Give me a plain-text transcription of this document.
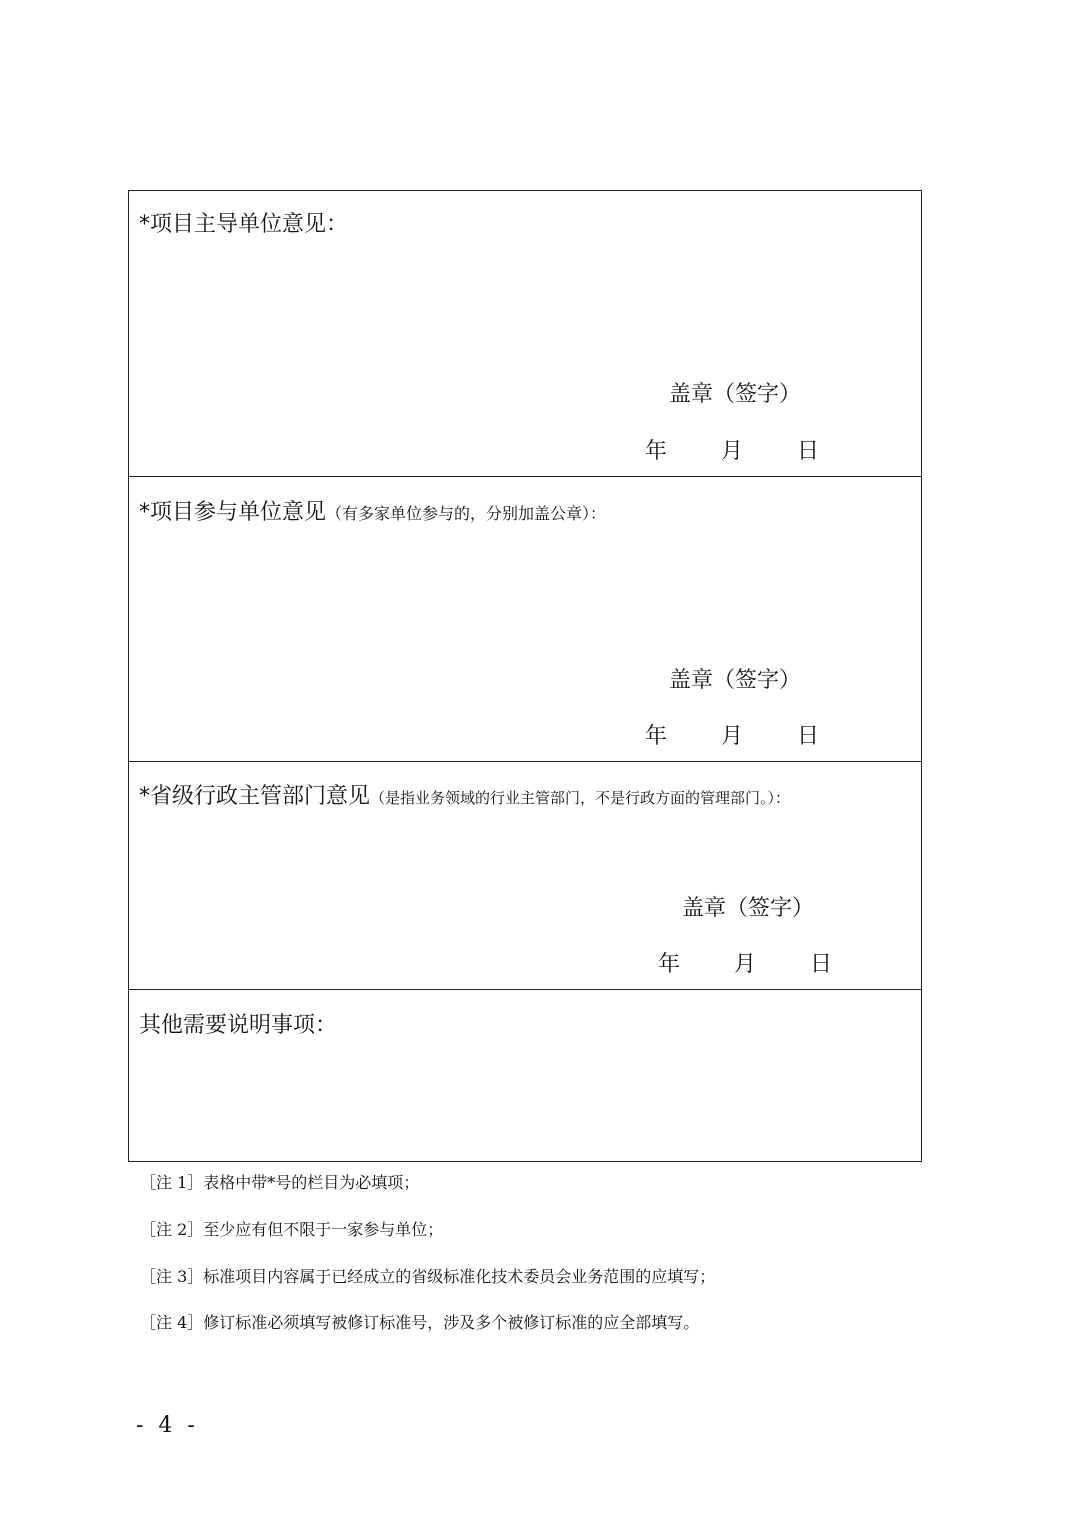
*项目主导单位意见：
盖章（签字）
年 月 日
*项目参与单位意见（有多家单位参与的，分别加盖公章）：
盖章（签字）
年 月 日
*省级行政主管部门意见（是指业务领域的行业主管部门，不是行政方面的管理部门。）：
盖章（签字）
年 月 日
其他需要说明事项：
［注 1］表格中带*号的栏目为必填项；
［注 2］至少应有但不限于一家参与单位；
［注 3］标准项目内容属于已经成立的省级标准化技术委员会业务范围的应填写；
［注 4］修订标准必须填写被修订标准号，涉及多个被修订标准的应全部填写。
- 4 -
